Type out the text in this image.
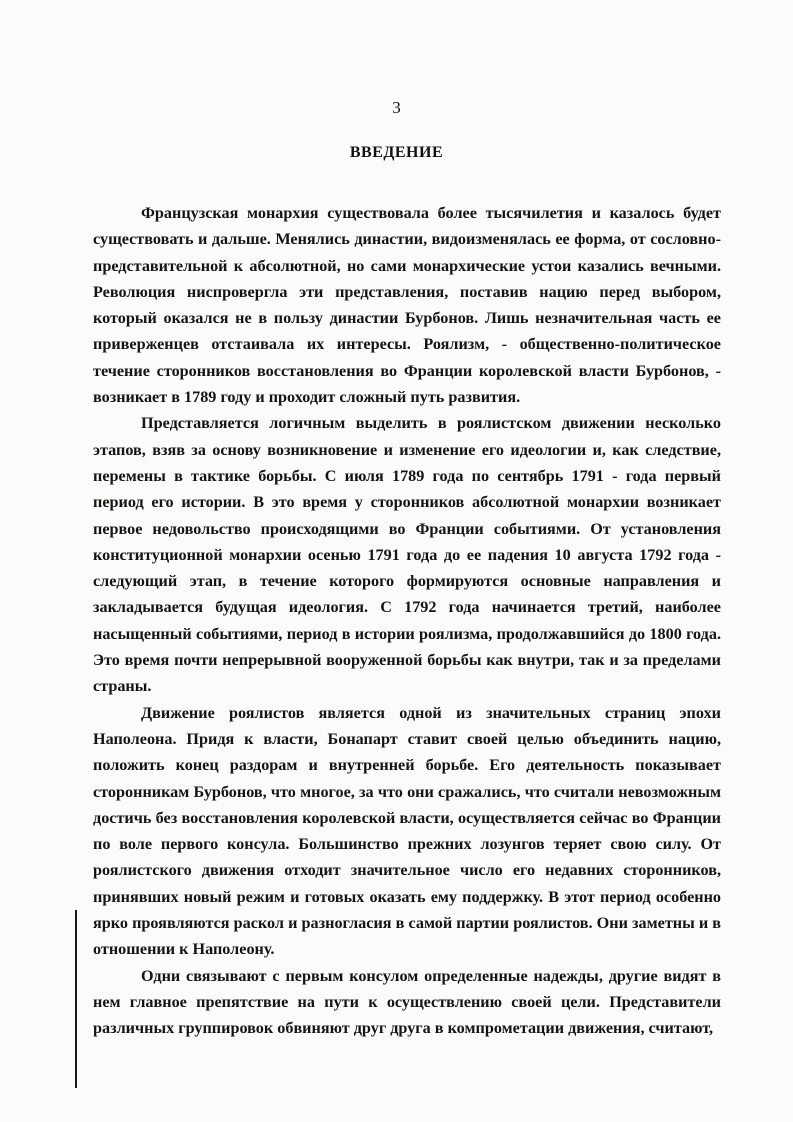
3
ВВЕДЕНИЕ

Французская монархия существовала более тысячилетия и казалось будет существовать и дальше. Менялись династии, видоизменялась ее форма, от сословно-представительной к абсолютной, но сами монархические устои казались вечными. Революция ниспровергла эти представления, поставив нацию перед выбором, который оказался не в пользу династии Бурбонов. Лишь незначительная часть ее приверженцев отстаивала их интересы. Роялизм, - общественно-политическое течение сторонников восстановления во Франции королевской власти Бурбонов, - возникает в 1789 году и проходит сложный путь развития.

Представляется логичным выделить в роялистском движении несколько этапов, взяв за основу возникновение и изменение его идеологии и, как следствие, перемены в тактике борьбы. С июля 1789 года по сентябрь 1791 - года первый период его истории. В это время у сторонников абсолютной монархии возникает первое недовольство происходящими во Франции событиями. От установления конституционной монархии осенью 1791 года до ее падения 10 августа 1792 года - следующий этап, в течение которого формируются основные направления и закладывается будущая идеология. С 1792 года начинается третий, наиболее насыщенный событиями, период в истории роялизма, продолжавшийся до 1800 года. Это время почти непрерывной вооруженной борьбы как внутри, так и за пределами страны.

Движение роялистов является одной из значительных страниц эпохи Наполеона. Придя к власти, Бонапарт ставит своей целью объединить нацию, положить конец раздорам и внутренней борьбе. Его деятельность показывает сторонникам Бурбонов, что многое, за что они сражались, что считали невозможным достичь без восстановления королевской власти, осуществляется сейчас во Франции по воле первого консула. Большинство прежних лозунгов теряет свою силу. От роялистского движения отходит значительное число его недавних сторонников, принявших новый режим и готовых оказать ему поддержку. В этот период особенно ярко проявляются раскол и разногласия в самой партии роялистов. Они заметны и в отношении к Наполеону.

Одни связывают с первым консулом определенные надежды, другие видят в нем главное препятствие на пути к осуществлению своей цели. Представители различных группировок обвиняют друг друга в компрометации движения, считают,
